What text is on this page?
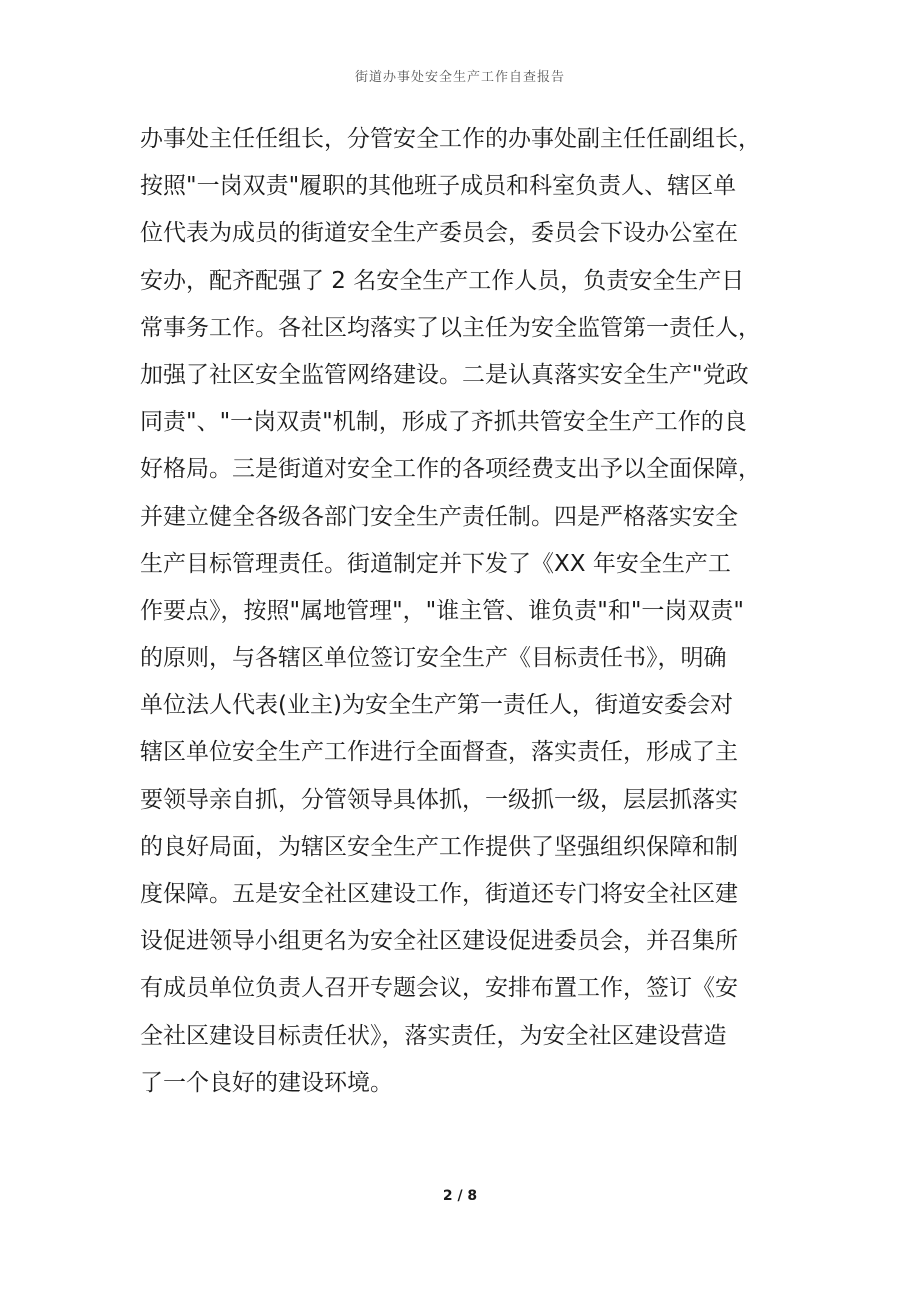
街道办事处安全生产工作自查报告
办事处主任任组长，分管安全工作的办事处副主任任副组长，
按照"一岗双责"履职的其他班子成员和科室负责人、辖区单
位代表为成员的街道安全生产委员会，委员会下设办公室在
安办，配齐配强了 2 名安全生产工作人员，负责安全生产日
常事务工作。各社区均落实了以主任为安全监管第一责任人，
加强了社区安全监管网络建设。二是认真落实安全生产"党政
同责"、"一岗双责"机制，形成了齐抓共管安全生产工作的良
好格局。三是街道对安全工作的各项经费支出予以全面保障，
并建立健全各级各部门安全生产责任制。四是严格落实安全
生产目标管理责任。街道制定并下发了《XX 年安全生产工
作要点》，按照"属地管理"，"谁主管、谁负责"和"一岗双责"
的原则，与各辖区单位签订安全生产《目标责任书》，明确
单位法人代表(业主)为安全生产第一责任人，街道安委会对
辖区单位安全生产工作进行全面督查，落实责任，形成了主
要领导亲自抓，分管领导具体抓，一级抓一级，层层抓落实
的良好局面，为辖区安全生产工作提供了坚强组织保障和制
度保障。五是安全社区建设工作，街道还专门将安全社区建
设促进领导小组更名为安全社区建设促进委员会，并召集所
有成员单位负责人召开专题会议，安排布置工作，签订《安
全社区建设目标责任状》，落实责任，为安全社区建设营造
了一个良好的建设环境。
2 / 8
